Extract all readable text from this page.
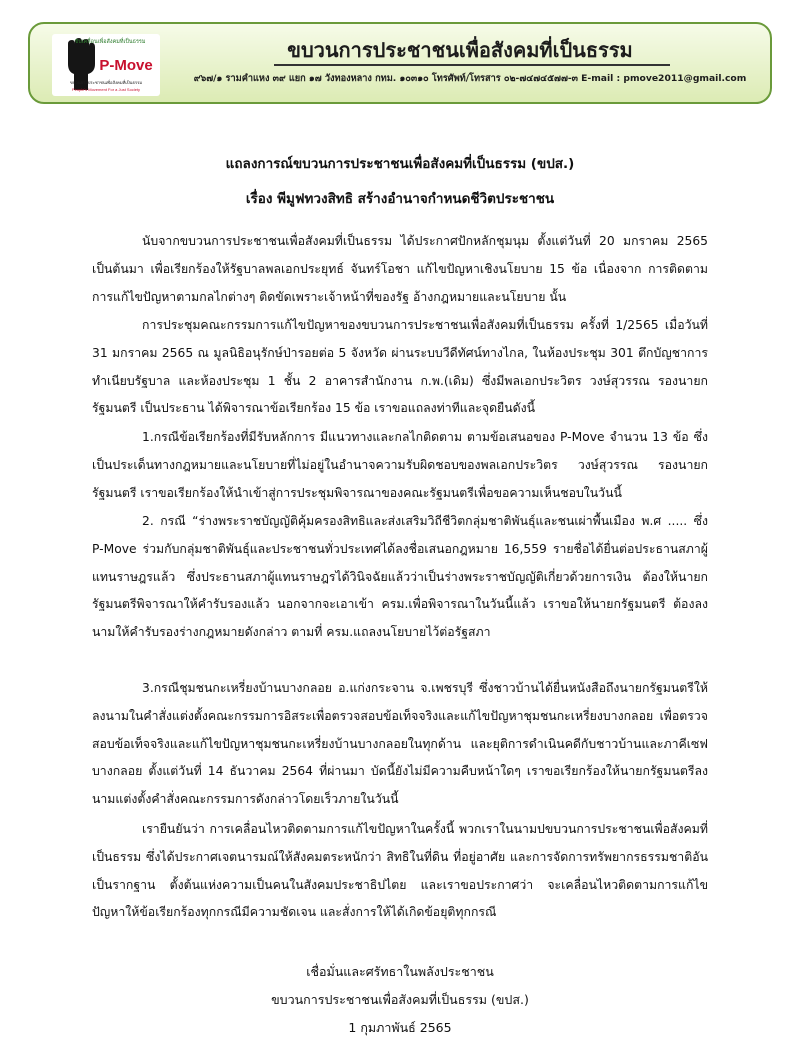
ขับเคลื่อนเพื่อสังคมที่เป็นธรรม
P-Move
ขบวนการประชาชนเพื่อสังคมที่เป็นธรรม
People's Movement For a Just Society
ขบวนการประชาชนเพื่อสังคมที่เป็นธรรม
๙๖๗/๑ รามคำแหง ๓๙ แยก ๑๗ วังทองหลาง กทม. ๑๐๓๑๐ โทรศัพท์/โทรสาร ๐๒-๗๔๗๔๕๗๗-๓ E-mail : pmove2011@gmail.com
แถลงการณ์ขบวนการประชาชนเพื่อสังคมที่เป็นธรรม (ขปส.)
เรื่อง พีมูฟทวงสิทธิ สร้างอำนาจกำหนดชีวิตประชาชน

นับจากขบวนการประชาชนเพื่อสังคมที่เป็นธรรม ได้ประกาศปักหลักชุมนุม ตั้งแต่วันที่ 20 มกราคม 2565 เป็นต้นมา เพื่อเรียกร้องให้รัฐบาลพลเอกประยุทธ์ จันทร์โอชา แก้ไขปัญหาเชิงนโยบาย 15 ข้อ เนื่องจาก การติดตามการแก้ไขปัญหาตามกลไกต่างๆ ติดขัดเพราะเจ้าหน้าที่ของรัฐ อ้างกฎหมายและนโยบาย นั้น

การประชุมคณะกรรมการแก้ไขปัญหาของขบวนการประชาชนเพื่อสังคมที่เป็นธรรม ครั้งที่ 1/2565 เมื่อวันที่ 31 มกราคม 2565 ณ มูลนิธิอนุรักษ์ป่ารอยต่อ 5 จังหวัด ผ่านระบบวีดีทัศน์ทางไกล, ในห้องประชุม 301 ตึกบัญชาการ ทำเนียบรัฐบาล และห้องประชุม 1 ชั้น 2 อาคารสำนักงาน ก.พ.(เดิม) ซึ่งมีพลเอกประวิตร วงษ์สุวรรณ รองนายกรัฐมนตรี เป็นประธาน ได้พิจารณาข้อเรียกร้อง 15 ข้อ เราขอแถลงท่าทีและจุดยืนดังนี้

1.กรณีข้อเรียกร้องที่มีรับหลักการ มีแนวทางและกลไกติดตาม ตามข้อเสนอของ P-Move จำนวน 13 ข้อ ซึ่งเป็นประเด็นทางกฎหมายและนโยบายที่ไม่อยู่ในอำนาจความรับผิดชอบของพลเอกประวิตร วงษ์สุวรรณ รองนายกรัฐมนตรี เราขอเรียกร้องให้นำเข้าสู่การประชุมพิจารณาของคณะรัฐมนตรีเพื่อขอความเห็นชอบในวันนี้

2. กรณี “ร่างพระราชบัญญัติคุ้มครองสิทธิและส่งเสริมวิถีชีวิตกลุ่มชาติพันธุ์และชนเผ่าพื้นเมือง พ.ศ ..... ซึ่ง P-Move ร่วมกับกลุ่มชาติพันธุ์และประชาชนทั่วประเทศได้ลงชื่อเสนอกฎหมาย 16,559 รายชื่อได้ยื่นต่อประธานสภาผู้แทนราษฎรแล้ว ซึ่งประธานสภาผู้แทนราษฎรได้วินิจฉัยแล้วว่าเป็นร่างพระราชบัญญัติเกี่ยวด้วยการเงิน ต้องให้นายกรัฐมนตรีพิจารณาให้คำรับรองแล้ว นอกจากจะเอาเข้า ครม.เพื่อพิจารณาในวันนี้แล้ว เราขอให้นายกรัฐมนตรี ต้องลงนามให้คำรับรองร่างกฎหมายดังกล่าว ตามที่ ครม.แถลงนโยบายไว้ต่อรัฐสภา

3.กรณีชุมชนกะเหรี่ยงบ้านบางกลอย อ.แก่งกระจาน จ.เพชรบุรี ซึ่งชาวบ้านได้ยื่นหนังสือถึงนายกรัฐมนตรีให้ลงนามในคำสั่งแต่งตั้งคณะกรรมการอิสระเพื่อตรวจสอบข้อเท็จจริงและแก้ไขปัญหาชุมชนกะเหรี่ยงบางกลอย เพื่อตรวจสอบข้อเท็จจริงและแก้ไขปัญหาชุมชนกะเหรี่ยงบ้านบางกลอยในทุกด้าน และยุติการดำเนินคดีกับชาวบ้านและภาคีเซฟบางกลอย ตั้งแต่วันที่ 14 ธันวาคม 2564 ที่ผ่านมา บัดนี้ยังไม่มีความคืบหน้าใดๆ เราขอเรียกร้องให้นายกรัฐมนตรีลงนามแต่งตั้งคำสั่งคณะกรรมการดังกล่าวโดยเร็วภายในวันนี้

เรายืนยันว่า การเคลื่อนไหวติดตามการแก้ไขปัญหาในครั้งนี้ พวกเราในนามปขบวนการประชาชนเพื่อสังคมที่เป็นธรรม ซึ่งได้ประกาศเจตนารมณ์ให้สังคมตระหนักว่า สิทธิในที่ดิน ที่อยู่อาศัย และการจัดการทรัพยากรธรรมชาติอันเป็นรากฐาน ตั้งต้นแห่งความเป็นคนในสังคมประชาธิปไตย และเราขอประกาศว่า จะเคลื่อนไหวติดตามการแก้ไขปัญหาให้ข้อเรียกร้องทุกกรณีมีความชัดเจน และสั่งการให้ได้เกิดข้อยุติทุกกรณี

เชื่อมั่นและศรัทธาในพลังประชาชน
ขบวนการประชาชนเพื่อสังคมที่เป็นธรรม (ขปส.)
1 กุมภาพันธ์ 2565
